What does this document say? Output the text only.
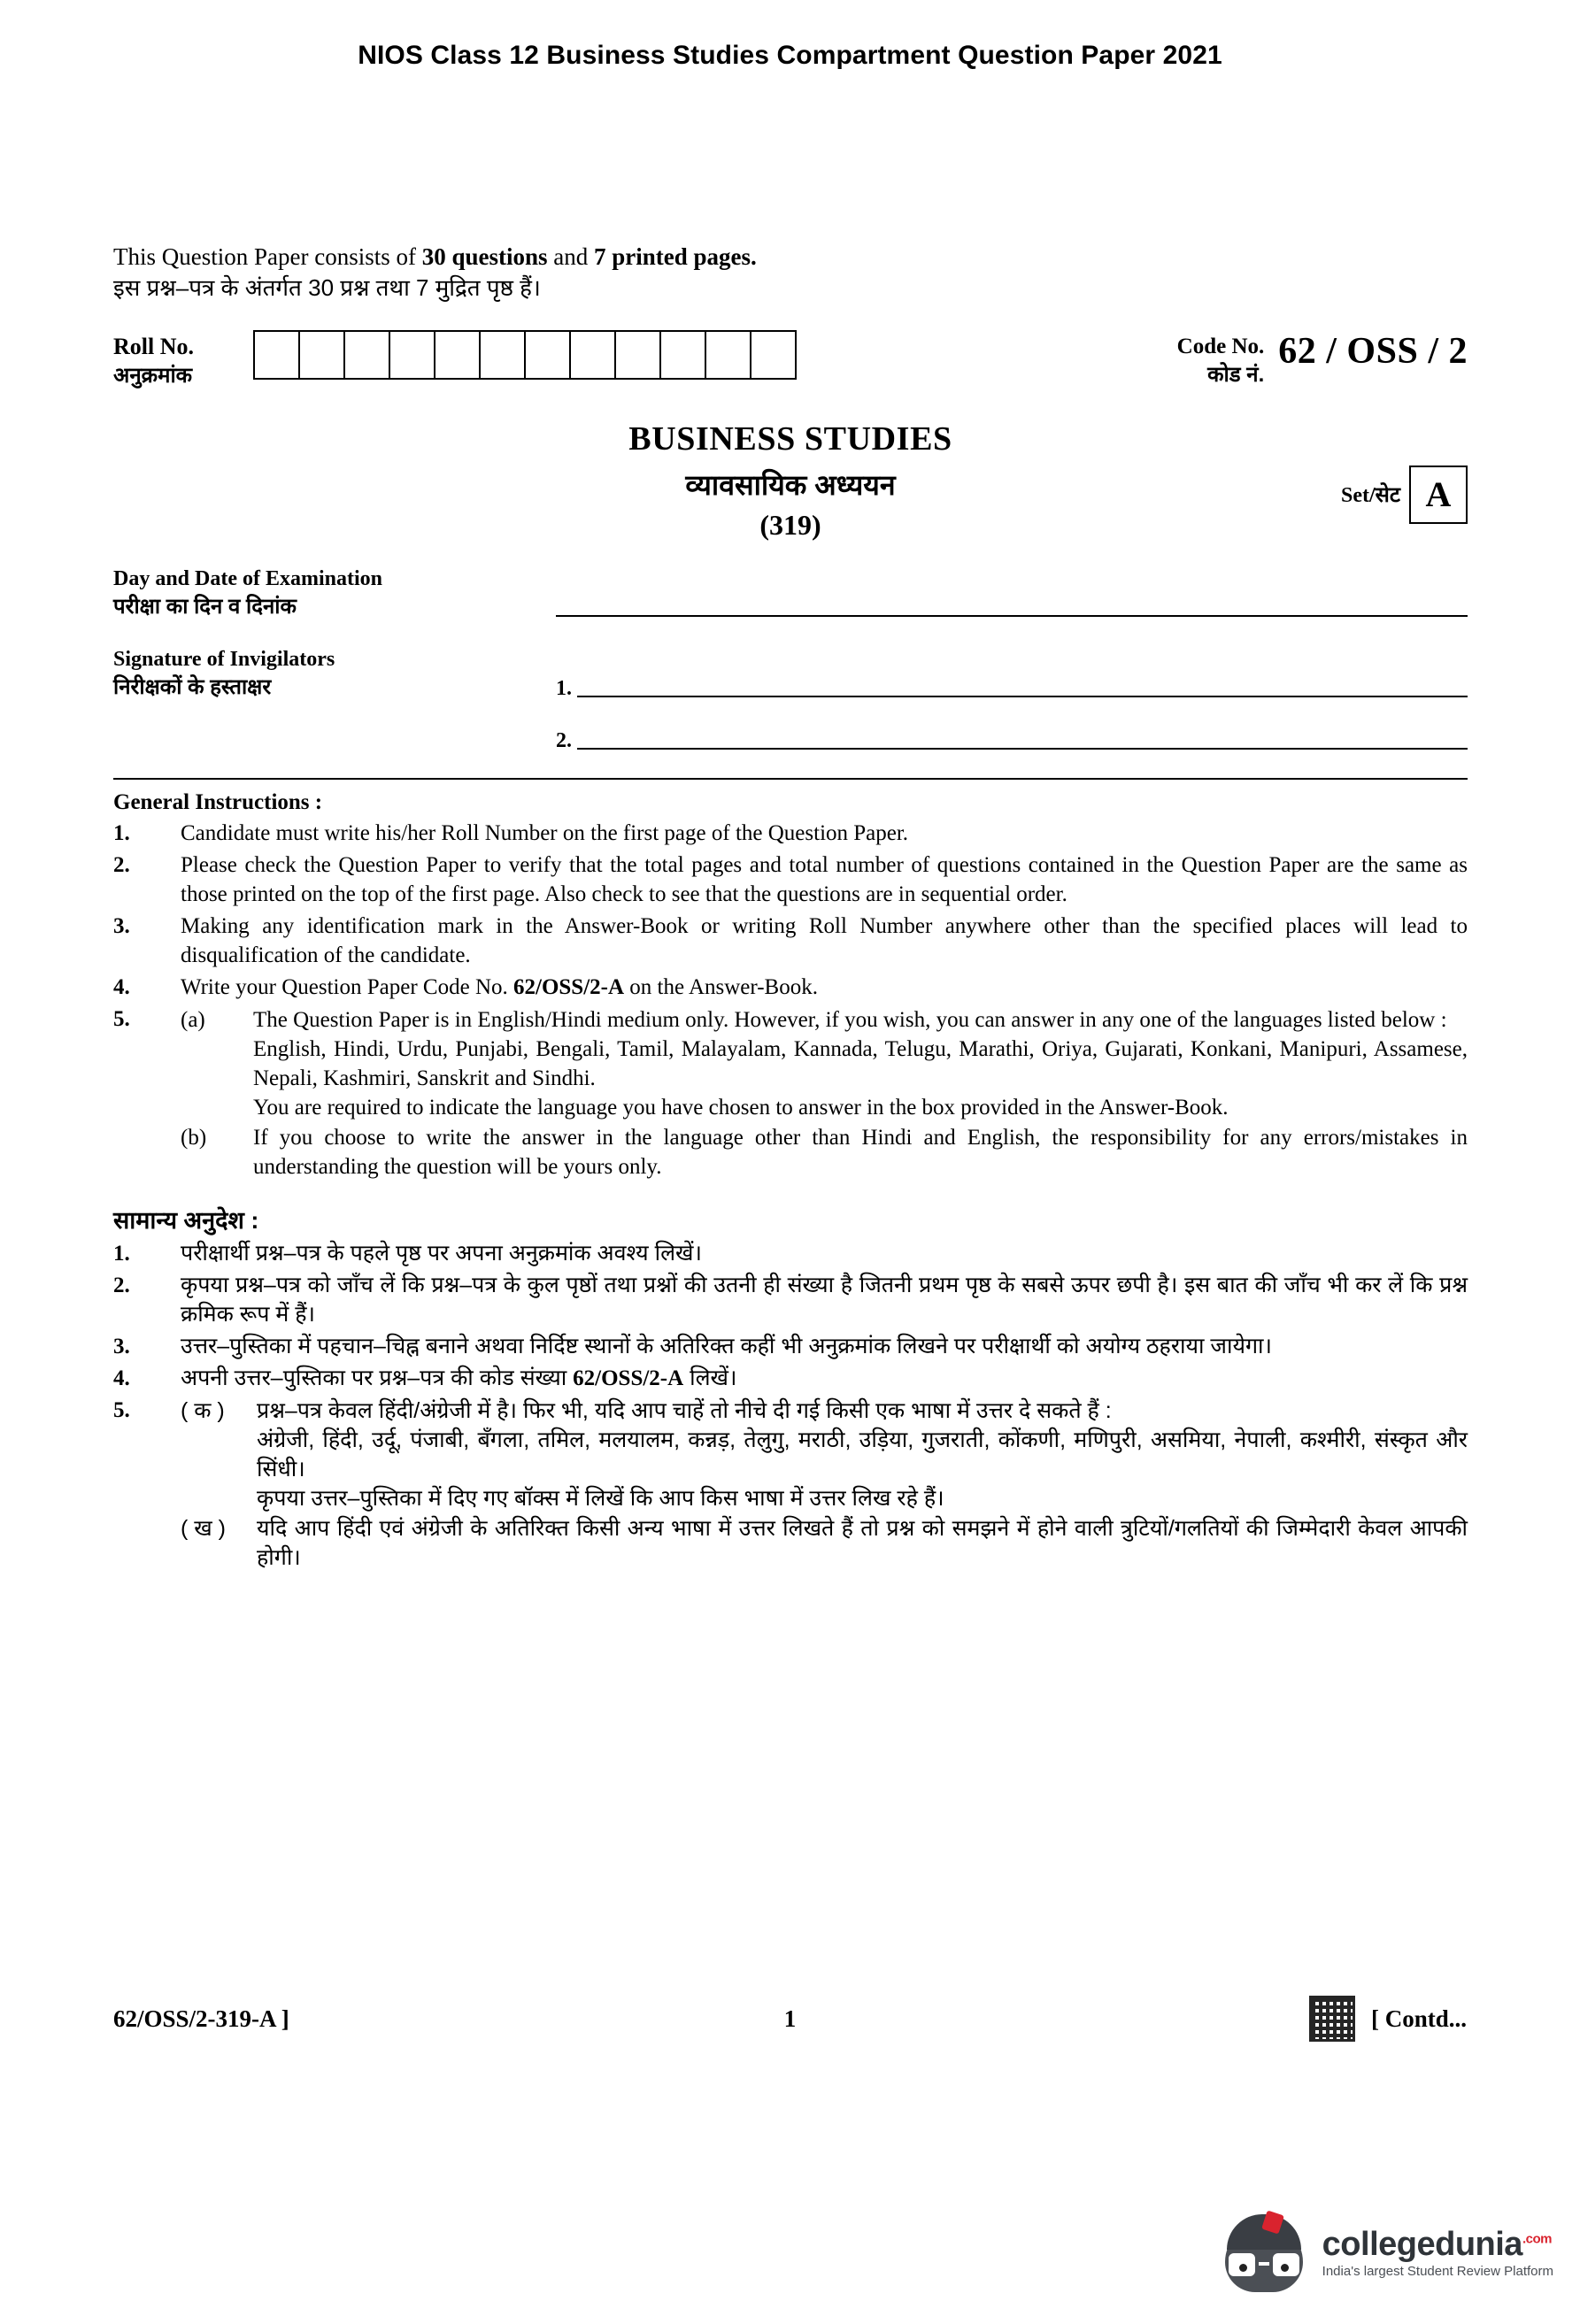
NIOS Class 12 Business Studies Compartment Question Paper 2021
This Question Paper consists of 30 questions and 7 printed pages.
इस प्रश्न–पत्र के अंतर्गत 30 प्रश्न तथा 7 मुद्रित पृष्ठ हैं।
Roll No.
अनुक्रमांक
Code No.
कोड नं.
62 / OSS / 2
BUSINESS STUDIES
व्यावसायिक अध्ययन
(319)
Set/सेट A
Day and Date of Examination
परीक्षा का दिन व दिनांक
Signature of Invigilators
निरीक्षकों के हस्ताक्षर	1.
2.
General Instructions :
1.	Candidate must write his/her Roll Number on the first page of the Question Paper.
2.	Please check the Question Paper to verify that the total pages and total number of questions contained in the Question Paper are the same as those printed on the top of the first page. Also check to see that the questions are in sequential order.
3.	Making any identification mark in the Answer-Book or writing Roll Number anywhere other than the specified places will lead to disqualification of the candidate.
4.	Write your Question Paper Code No. 62/OSS/2-A on the Answer-Book.
5.	(a)	The Question Paper is in English/Hindi medium only. However, if you wish, you can answer in any one of the languages listed below :
English, Hindi, Urdu, Punjabi, Bengali, Tamil, Malayalam, Kannada, Telugu, Marathi, Oriya, Gujarati, Konkani, Manipuri, Assamese, Nepali, Kashmiri, Sanskrit and Sindhi.
You are required to indicate the language you have chosen to answer in the box provided in the Answer-Book.
(b)	If you choose to write the answer in the language other than Hindi and English, the responsibility for any errors/mistakes in understanding the question will be yours only.
सामान्य अनुदेश :
1.	परीक्षार्थी प्रश्न–पत्र के पहले पृष्ठ पर अपना अनुक्रमांक अवश्य लिखें।
2.	कृपया प्रश्न–पत्र को जाँच लें कि प्रश्न–पत्र के कुल पृष्ठों तथा प्रश्नों की उतनी ही संख्या है जितनी प्रथम पृष्ठ के सबसे ऊपर छपी है। इस बात की जाँच भी कर लें कि प्रश्न क्रमिक रूप में हैं।
3.	उत्तर–पुस्तिका में पहचान–चिह्न बनाने अथवा निर्दिष्ट स्थानों के अतिरिक्त कहीं भी अनुक्रमांक लिखने पर परीक्षार्थी को अयोग्य ठहराया जायेगा।
4.	अपनी उत्तर–पुस्तिका पर प्रश्न–पत्र की कोड संख्या 62/OSS/2-A लिखें।
5.	( क )	प्रश्न–पत्र केवल हिंदी/अंग्रेजी में है। फिर भी, यदि आप चाहें तो नीचे दी गई किसी एक भाषा में उत्तर दे सकते हैं :
अंग्रेजी, हिंदी, उर्दू, पंजाबी, बँगला, तमिल, मलयालम, कन्नड़, तेलुगु, मराठी, उड़िया, गुजराती, कोंकणी, मणिपुरी, असमिया, नेपाली, कश्मीरी, संस्कृत और सिंधी।
कृपया उत्तर–पुस्तिका में दिए गए बॉक्स में लिखें कि आप किस भाषा में उत्तर लिख रहे हैं।
( ख )	यदि आप हिंदी एवं अंग्रेजी के अतिरिक्त किसी अन्य भाषा में उत्तर लिखते हैं तो प्रश्न को समझने में होने वाली त्रुटियों/गलतियों की जिम्मेदारी केवल आपकी होगी।
62/OSS/2-319-A ]	1	[ Contd...
collegedunia$^{.com}$
India's largest Student Review Platform
